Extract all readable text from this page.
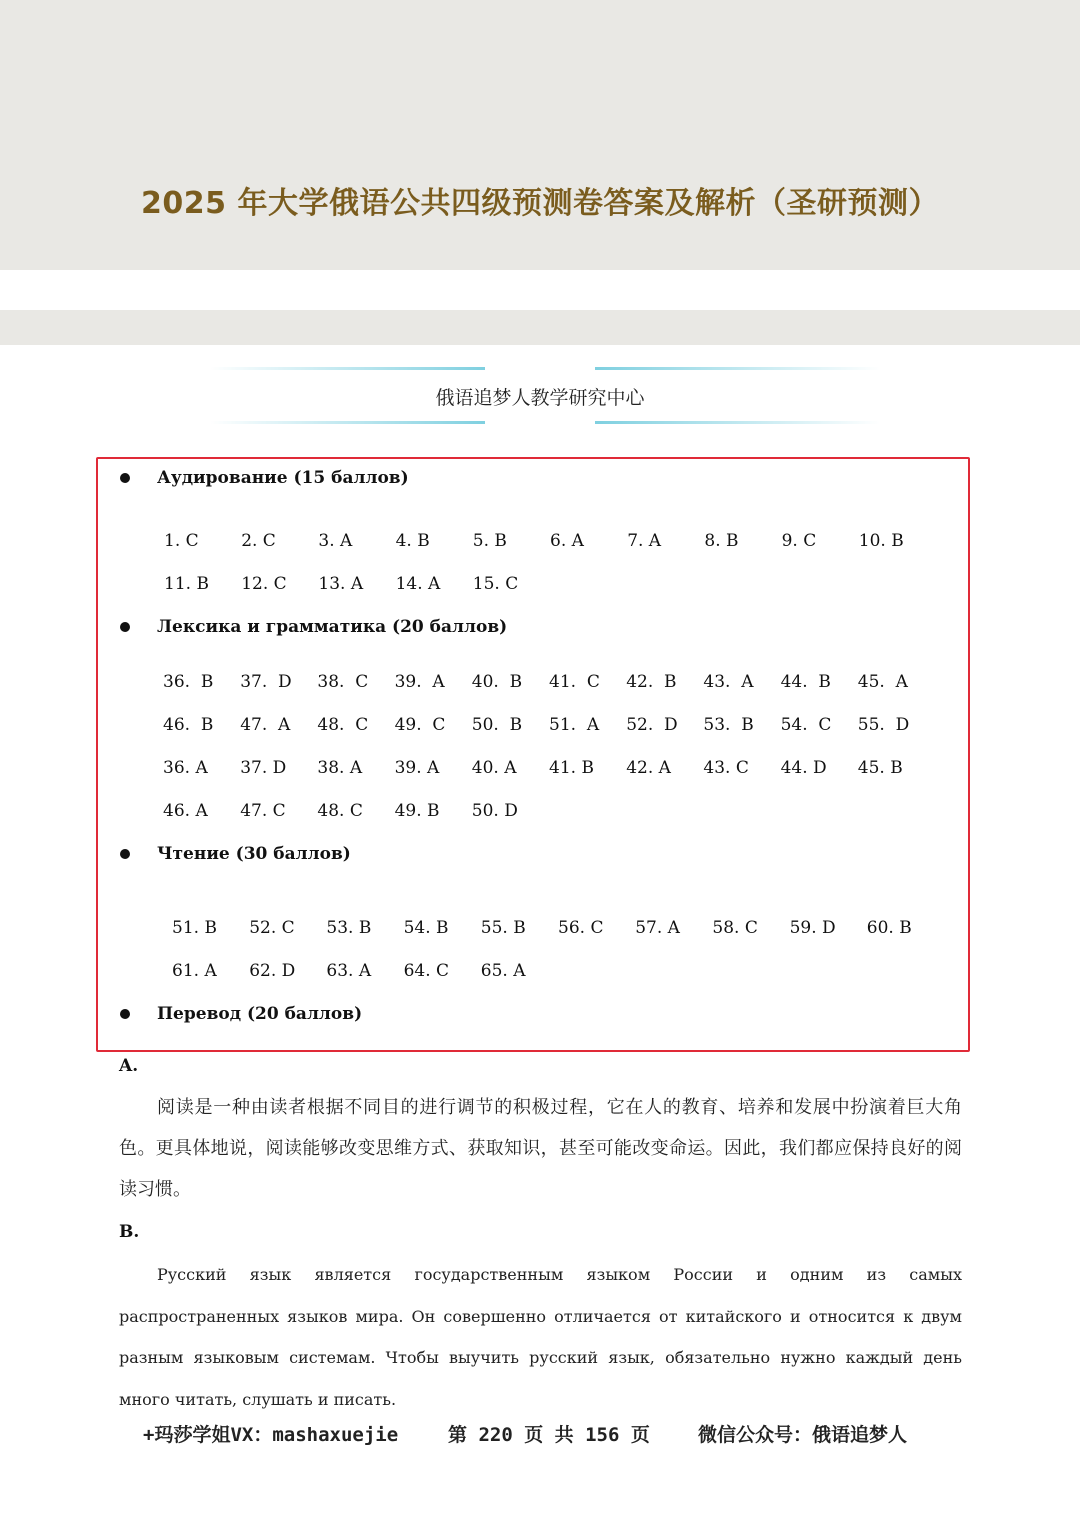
2025 年大学俄语公共四级预测卷答案及解析（圣研预测）
俄语追梦人教学研究中心
Аудирование (15 баллов)
1. C	2. C	3. A	4. B	5. B	6. A	7. A	8. B	9. C	10. B
11. B 12. C 13. A 14. A 15. C
Лексика и грамматика (20 баллов)
36.  B 37.  D 38.  C 39.  A 40.  B 41.  C 42.  B 43.  A 44.  B 45.  A
46.  B 47.  A 48.  C 49.  C 50.  B 51.  A 52.  D 53.  B 54.  C 55.  D
36. A 37. D 38. A 39. A 40. A 41. B 42. A 43. C 44. D 45. B
46. A 47. C 48. C 49. B 50. D
Чтение (30 баллов)
51. B 52. C 53. B 54. B 55. B 56. C 57. A 58. C 59. D 60. B
61. A 62. D 63. A 64. C 65. A
Перевод (20 баллов)
A.
阅读是一种由读者根据不同目的进行调节的积极过程，它在人的教育、培养和发展中扮演着巨大角色。更具体地说，阅读能够改变思维方式、获取知识，甚至可能改变命运。因此，我们都应保持良好的阅读习惯。
B.
Русский язык является государственным языком России и одним из самых распространенных языков мира. Он совершенно отличается от китайского и относится к двум разным языковым системам. Чтобы выучить русский язык, обязательно нужно каждый день много читать, слушать и писать.
+玛莎学姐VX：mashaxuejie	第 220 页 共 156 页	微信公众号：俄语追梦人
